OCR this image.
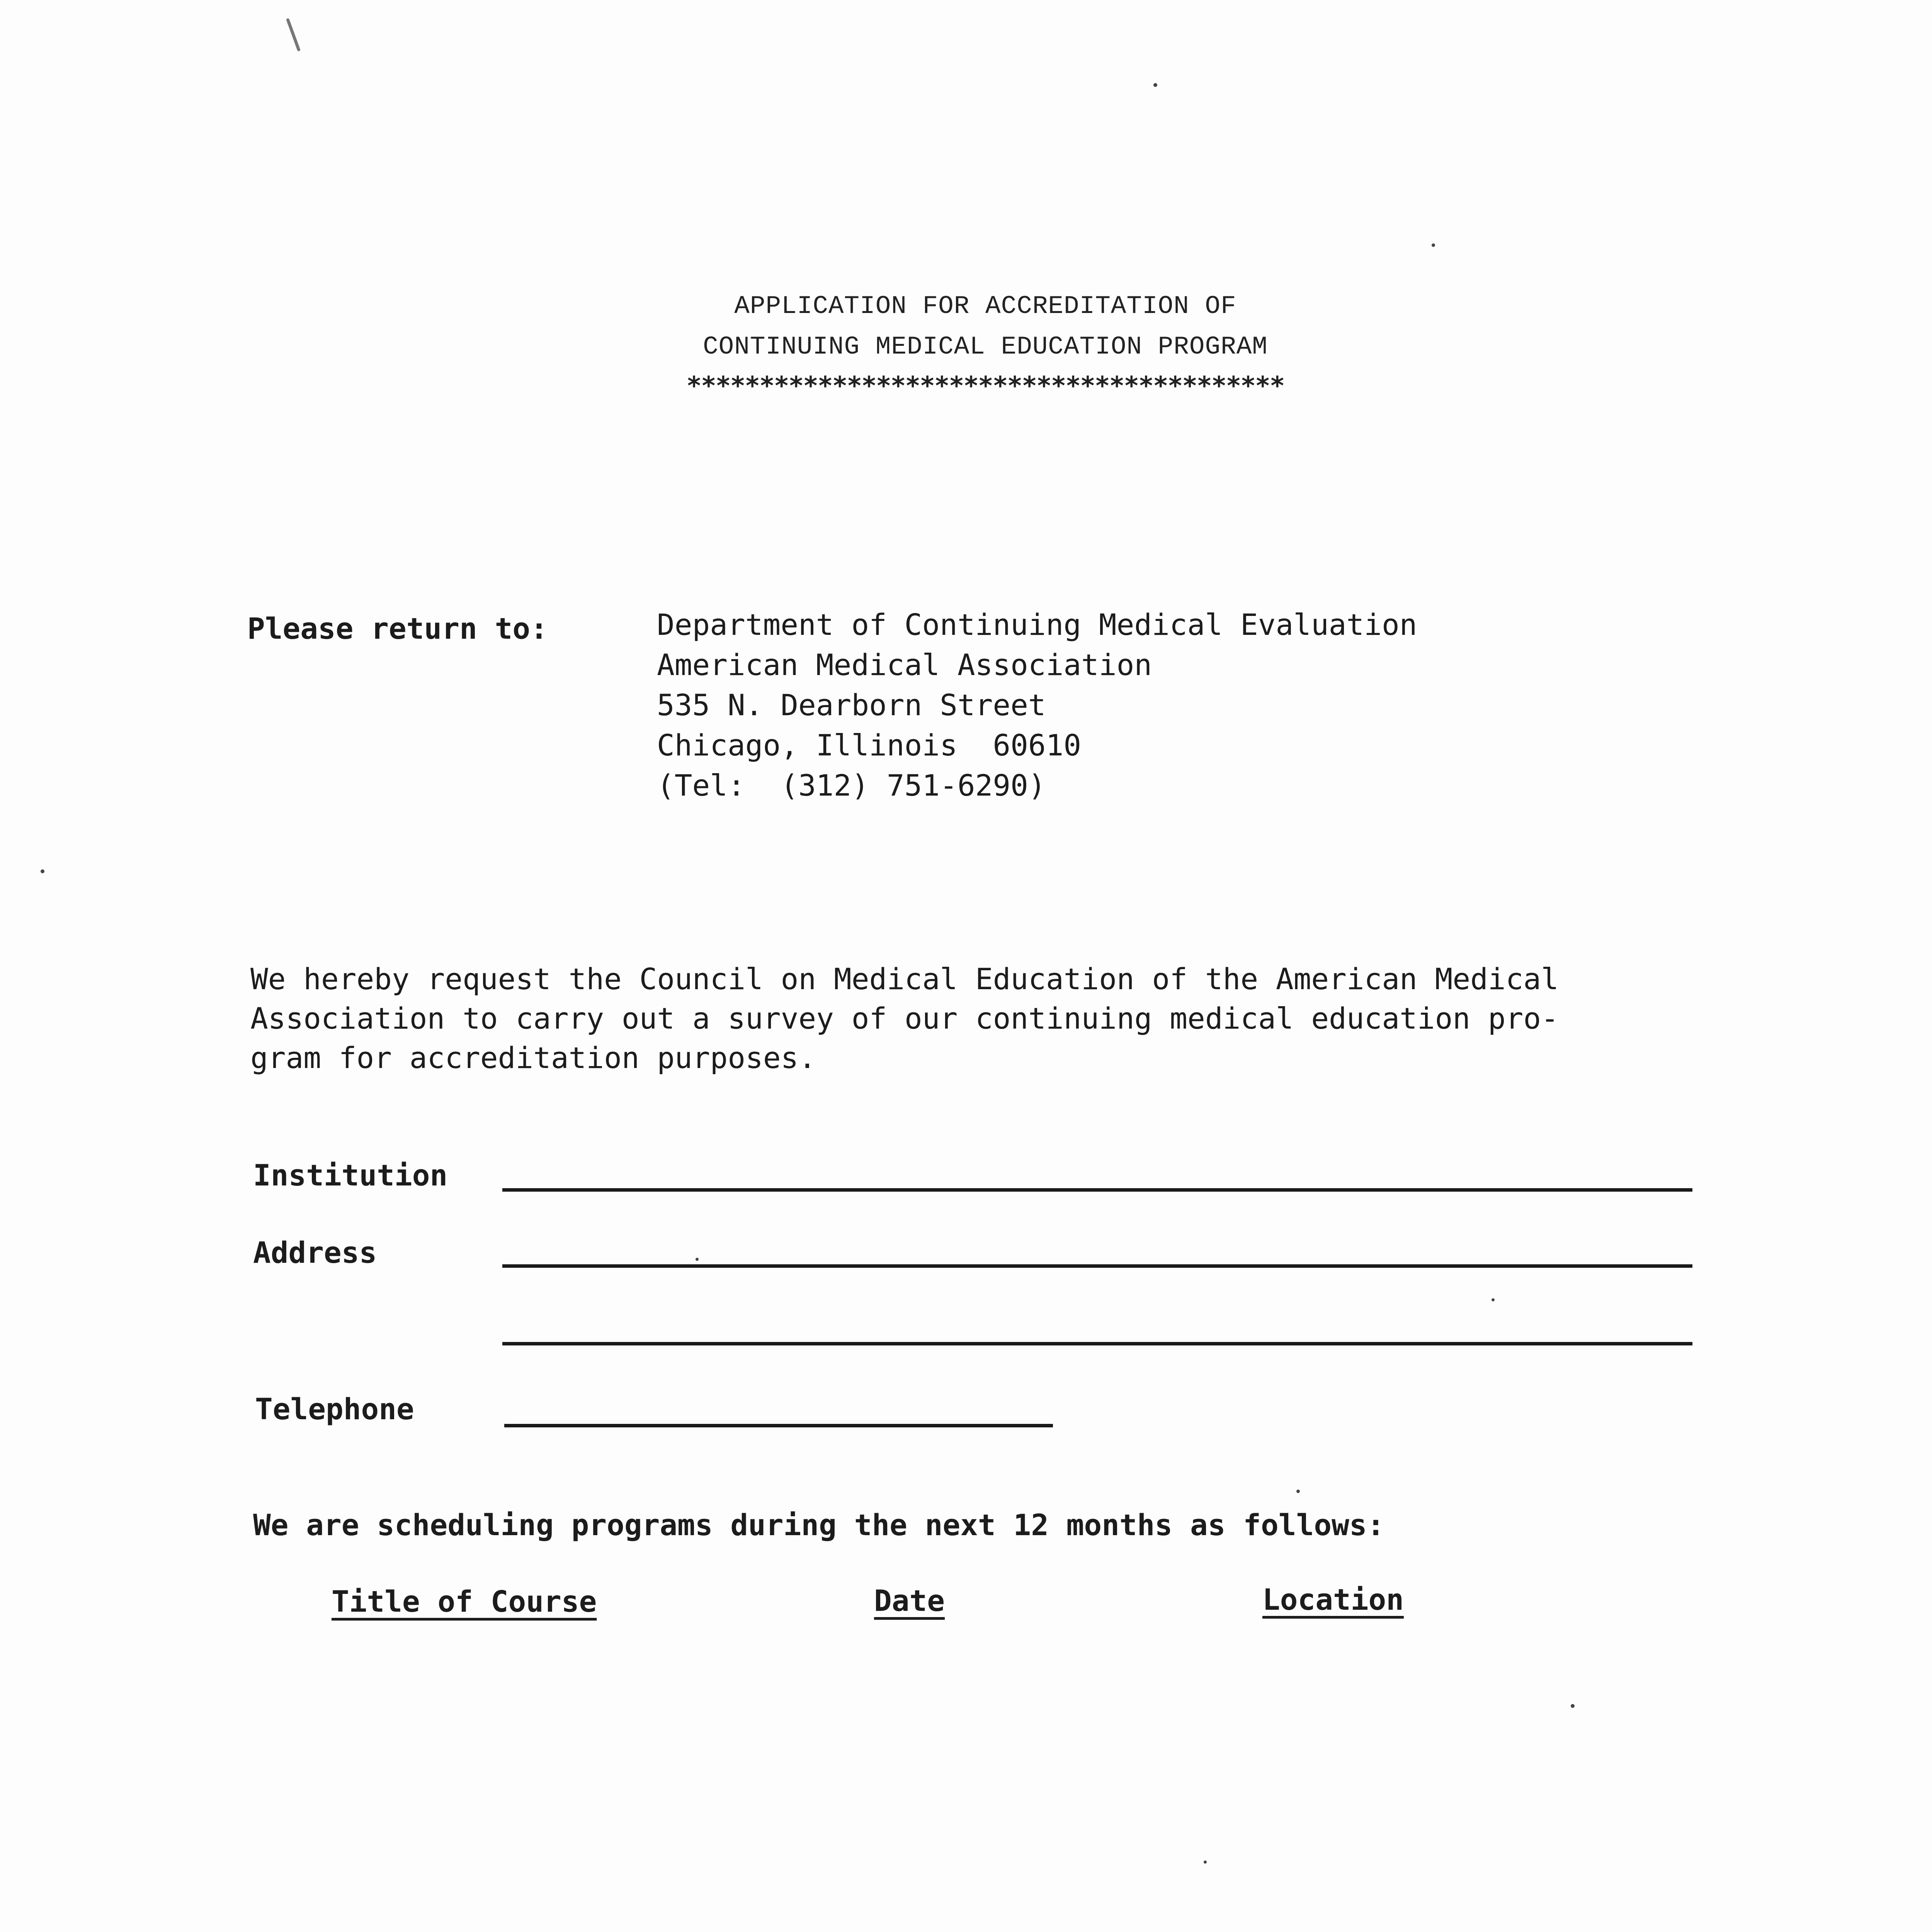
APPLICATION FOR ACCREDITATION OF
CONTINUING MEDICAL EDUCATION PROGRAM
*****************************************
Please return to:	Department of Continuing Medical Evaluation
American Medical Association
535 N. Dearborn Street
Chicago, Illinois  60610
(Tel:  (312) 751-6290)
We hereby request the Council on Medical Education of the American Medical
Association to carry out a survey of our continuing medical education pro-
gram for accreditation purposes.
Institution
Address
Telephone
We are scheduling programs during the next 12 months as follows:
Title of Course	Date	Location
